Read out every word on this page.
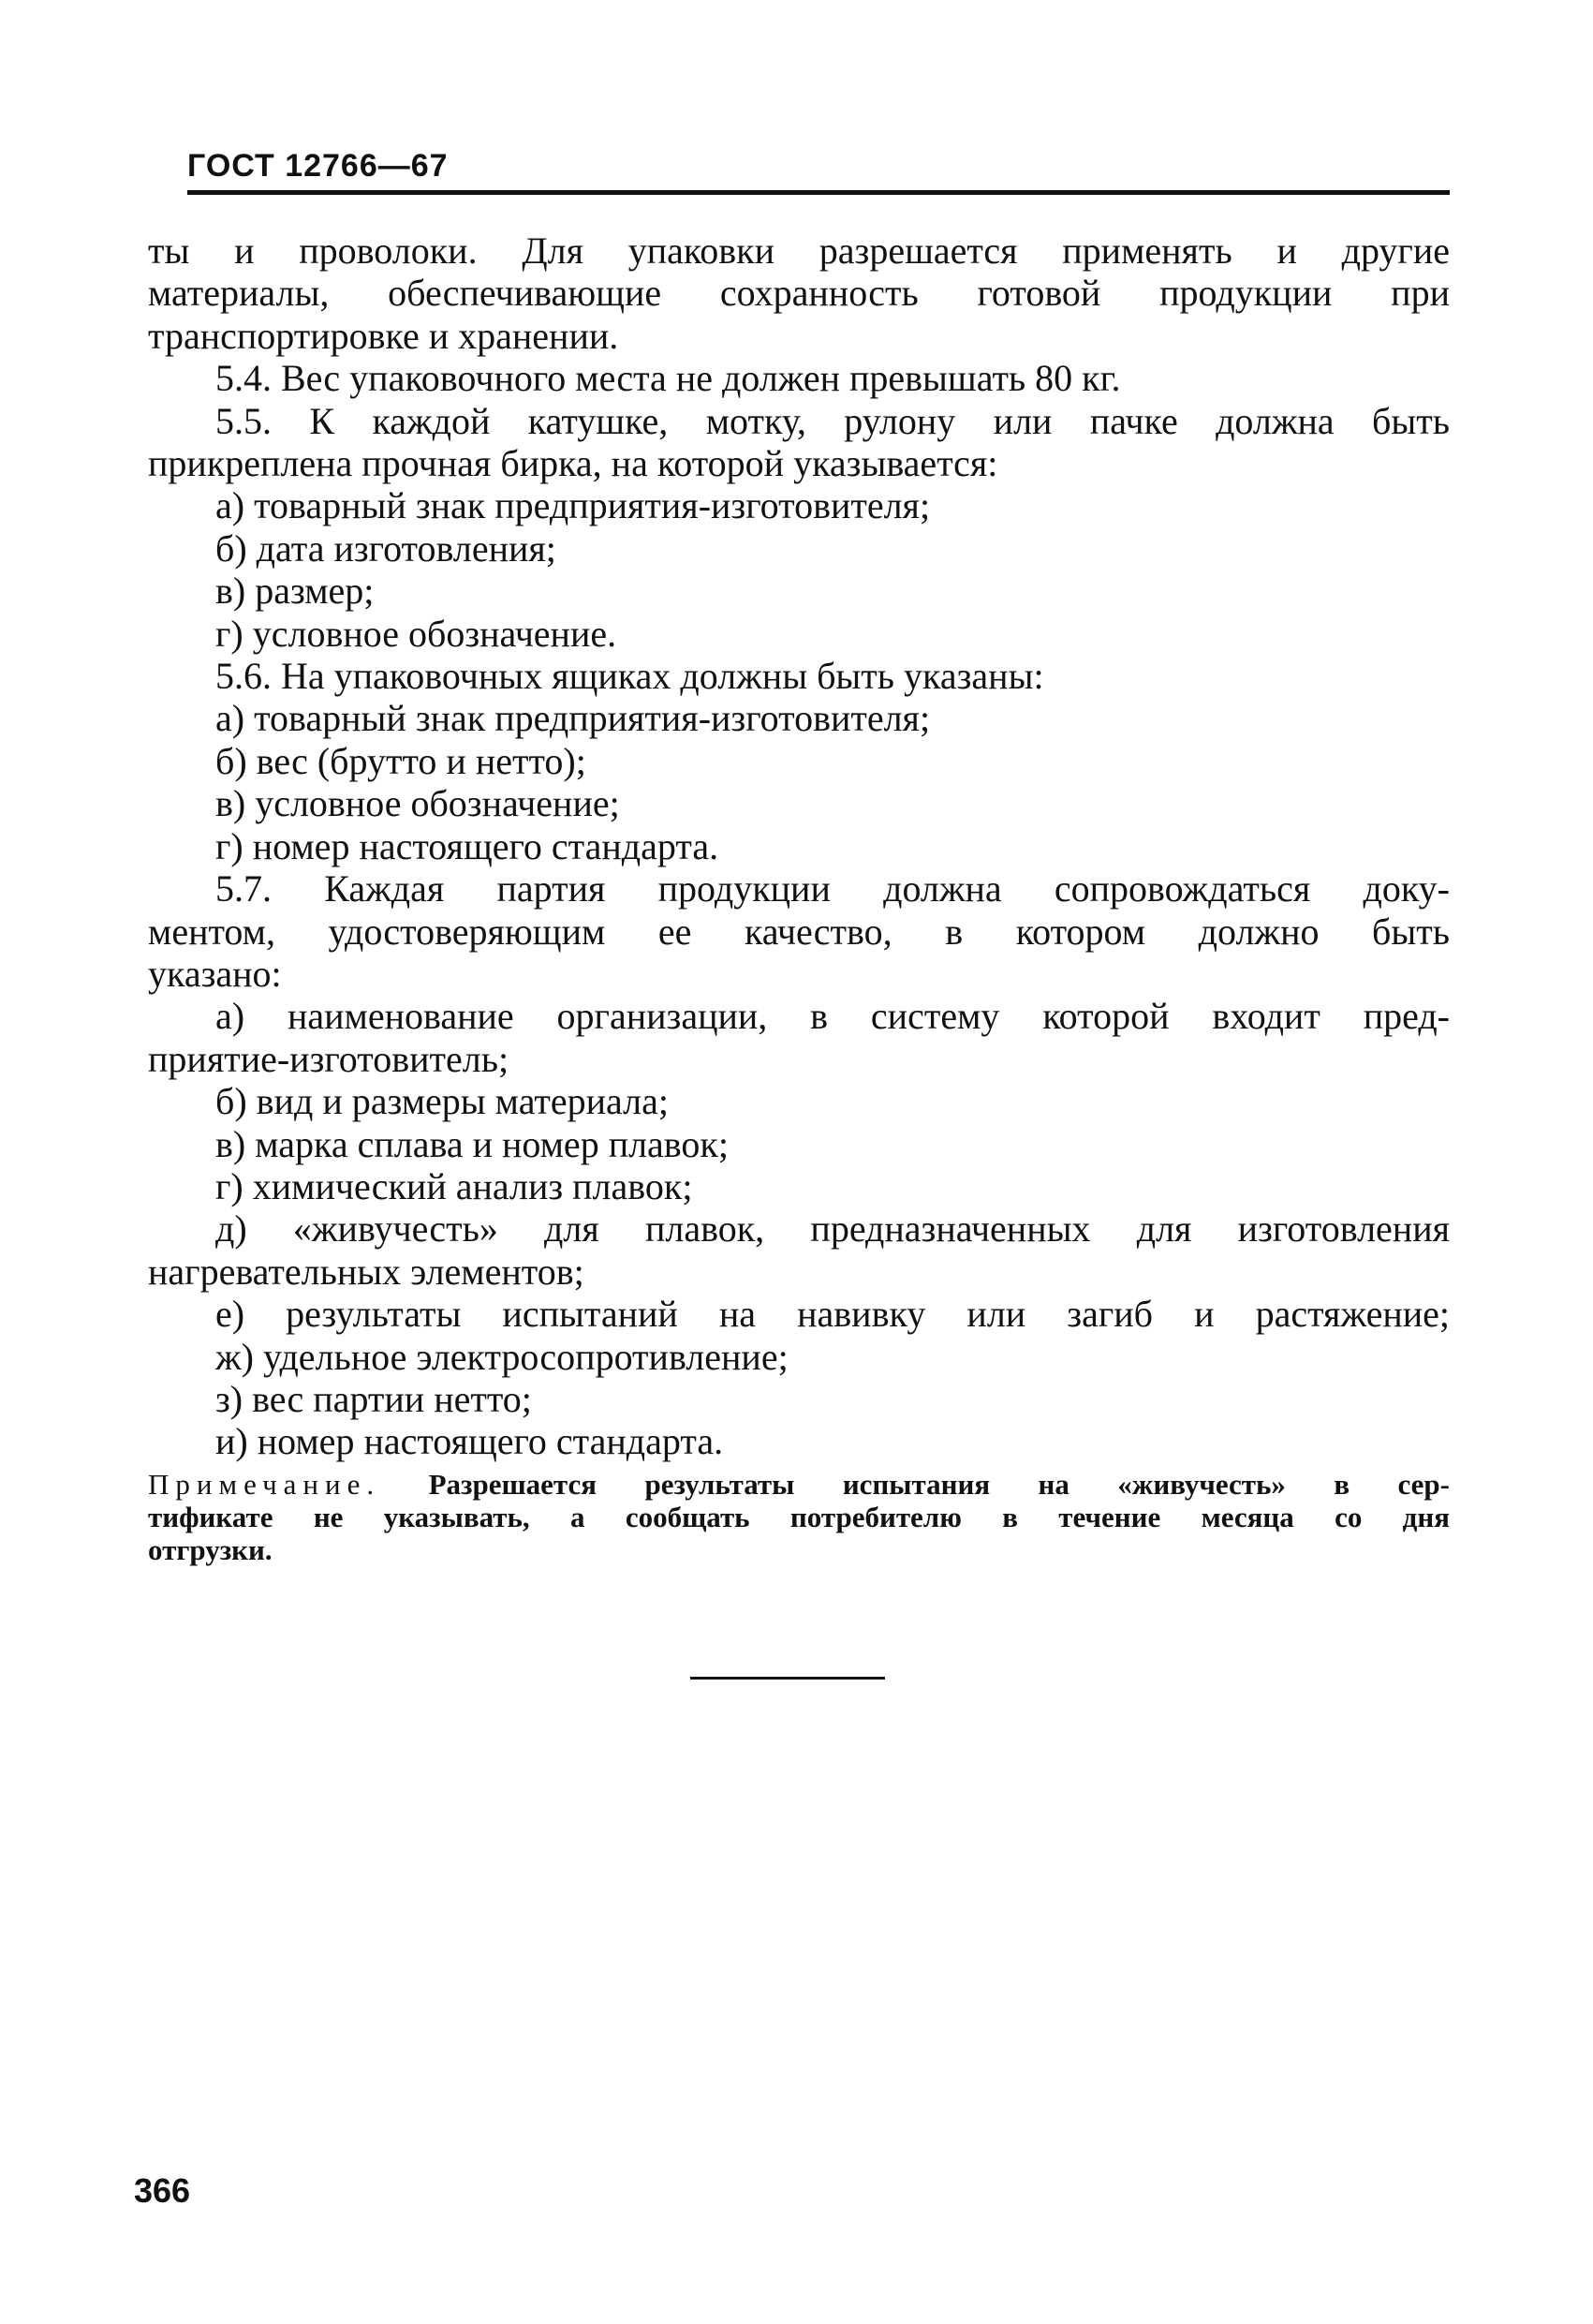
ГОСТ 12766—67
ты и проволоки. Для упаковки разрешается применять и другие
материалы, обеспечивающие сохранность готовой продукции при
транспортировке и хранении.
5.4. Вес упаковочного места не должен превышать 80 кг.
5.5. К каждой катушке, мотку, рулону или пачке должна быть
прикреплена прочная бирка, на которой указывается:
а) товарный знак предприятия-изготовителя;
б) дата изготовления;
в) размер;
г) условное обозначение.
5.6. На упаковочных ящиках должны быть указаны:
а) товарный знак предприятия-изготовителя;
б) вес (брутто и нетто);
в) условное обозначение;
г) номер настоящего стандарта.
5.7. Каждая партия продукции должна сопровождаться доку-
ментом, удостоверяющим ее качество, в котором должно быть
указано:
а) наименование организации, в систему которой входит пред-
приятие-изготовитель;
б) вид и размеры материала;
в) марка сплава и номер плавок;
г) химический анализ плавок;
д) «живучесть» для плавок, предназначенных для изготовления
нагревательных элементов;
е) результаты испытаний на навивку или загиб и растяжение;
ж) удельное электросопротивление;
з) вес партии нетто;
и) номер настоящего стандарта.
Примечание. Разрешается результаты испытания на «живучесть» в сер-
тификате не указывать, а сообщать потребителю в течение месяца со дня
отгрузки.
366
